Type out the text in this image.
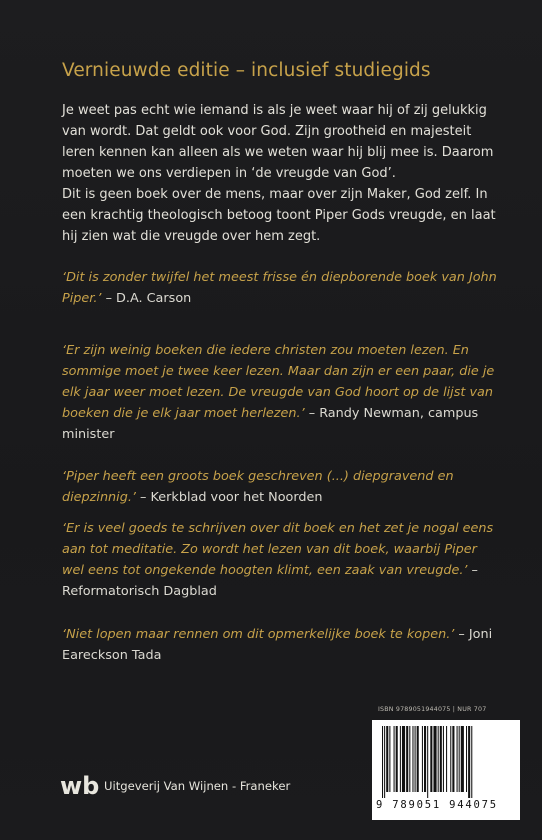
Vernieuwde editie – inclusief studiegids

Je weet pas echt wie iemand is als je weet waar hij of zij gelukkig van wordt. Dat geldt ook voor God. Zijn grootheid en majesteit leren kennen kan alleen als we weten waar hij blij mee is. Daarom moeten we ons verdiepen in ‘de vreugde van God’.

Dit is geen boek over de mens, maar over zijn Maker, God zelf. In een krachtig theologisch betoog toont Piper Gods vreugde, en laat hij zien wat die vreugde over hem zegt.

‘Dit is zonder twijfel het meest frisse én diepborende boek van John Piper.’ – D.A. Carson
‘Er zijn weinig boeken die iedere christen zou moeten lezen. En sommige moet je twee keer lezen. Maar dan zijn er een paar, die je elk jaar weer moet lezen. De vreugde van God hoort op de lijst van boeken die je elk jaar moet herlezen.’ – Randy Newman, campus minister
‘Piper heeft een groots boek geschreven (...) diepgravend en diepzinnig.’ – Kerkblad voor het Noorden
‘Er is veel goeds te schrijven over dit boek en het zet je nogal eens aan tot meditatie. Zo wordt het lezen van dit boek, waarbij Piper wel eens tot ongekende hoogten klimt, een zaak van vreugde.’ – Reformatorisch Dagblad
‘Niet lopen maar rennen om dit opmerkelijke boek te kopen.’ – Joni Eareckson Tada
ISBN 9789051944075 | NUR 707
9 789051 944075
wb Uitgeverij Van Wijnen - Franeker
